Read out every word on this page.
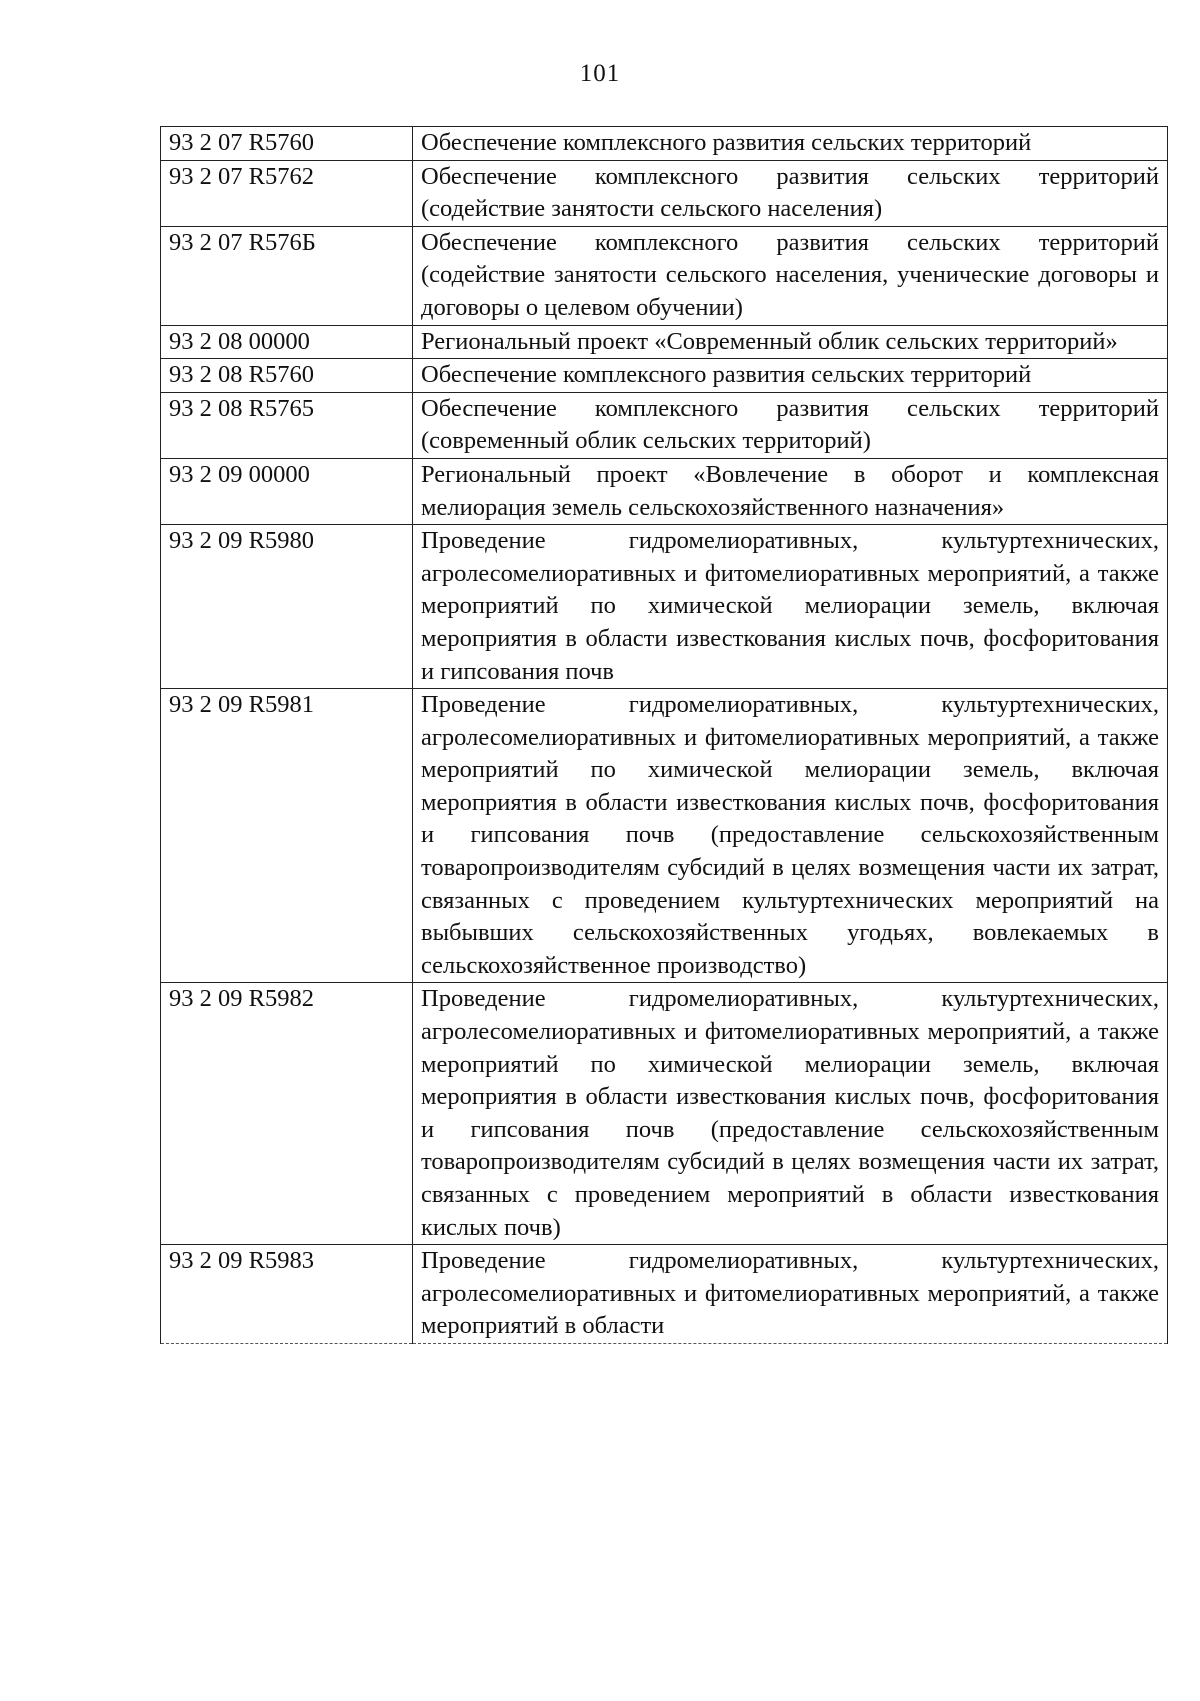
101
93 2 07 R5760	Обеспечение комплексного развития сельских территорий
93 2 07 R5762	Обеспечение комплексного развития сельских территорий (содействие занятости сельского населения)
93 2 07 R576Б	Обеспечение комплексного развития сельских территорий (содействие занятости сельского населения, ученические договоры и договоры о целевом обучении)
93 2 08 00000	Региональный проект «Современный облик сельских территорий»
93 2 08 R5760	Обеспечение комплексного развития сельских территорий
93 2 08 R5765	Обеспечение комплексного развития сельских территорий (современный облик сельских территорий)
93 2 09 00000	Региональный проект «Вовлечение в оборот и комплексная мелиорация земель сельскохозяйственного назначения»
93 2 09 R5980	Проведение гидромелиоративных, культуртехнических, агролесомелиоративных и фитомелиоративных мероприятий, а также мероприятий по химической мелиорации земель, включая мероприятия в области известкования кислых почв, фосфоритования и гипсования почв
93 2 09 R5981	Проведение гидромелиоративных, культуртехнических, агролесомелиоративных и фитомелиоративных мероприятий, а также мероприятий по химической мелиорации земель, включая мероприятия в области известкования кислых почв, фосфоритования и гипсования почв (предоставление сельскохозяйственным товаропроизводителям субсидий в целях возмещения части их затрат, связанных с проведением культуртехнических мероприятий на выбывших сельскохозяйственных угодьях, вовлекаемых в сельскохозяйственное производство)
93 2 09 R5982	Проведение гидромелиоративных, культуртехнических, агролесомелиоративных и фитомелиоративных мероприятий, а также мероприятий по химической мелиорации земель, включая мероприятия в области известкования кислых почв, фосфоритования и гипсования почв (предоставление сельскохозяйственным товаропроизводителям субсидий в целях возмещения части их затрат, связанных с проведением мероприятий в области известкования кислых почв)
93 2 09 R5983	Проведение гидромелиоративных, культуртехнических, агролесомелиоративных и фитомелиоративных мероприятий, а также мероприятий в области
